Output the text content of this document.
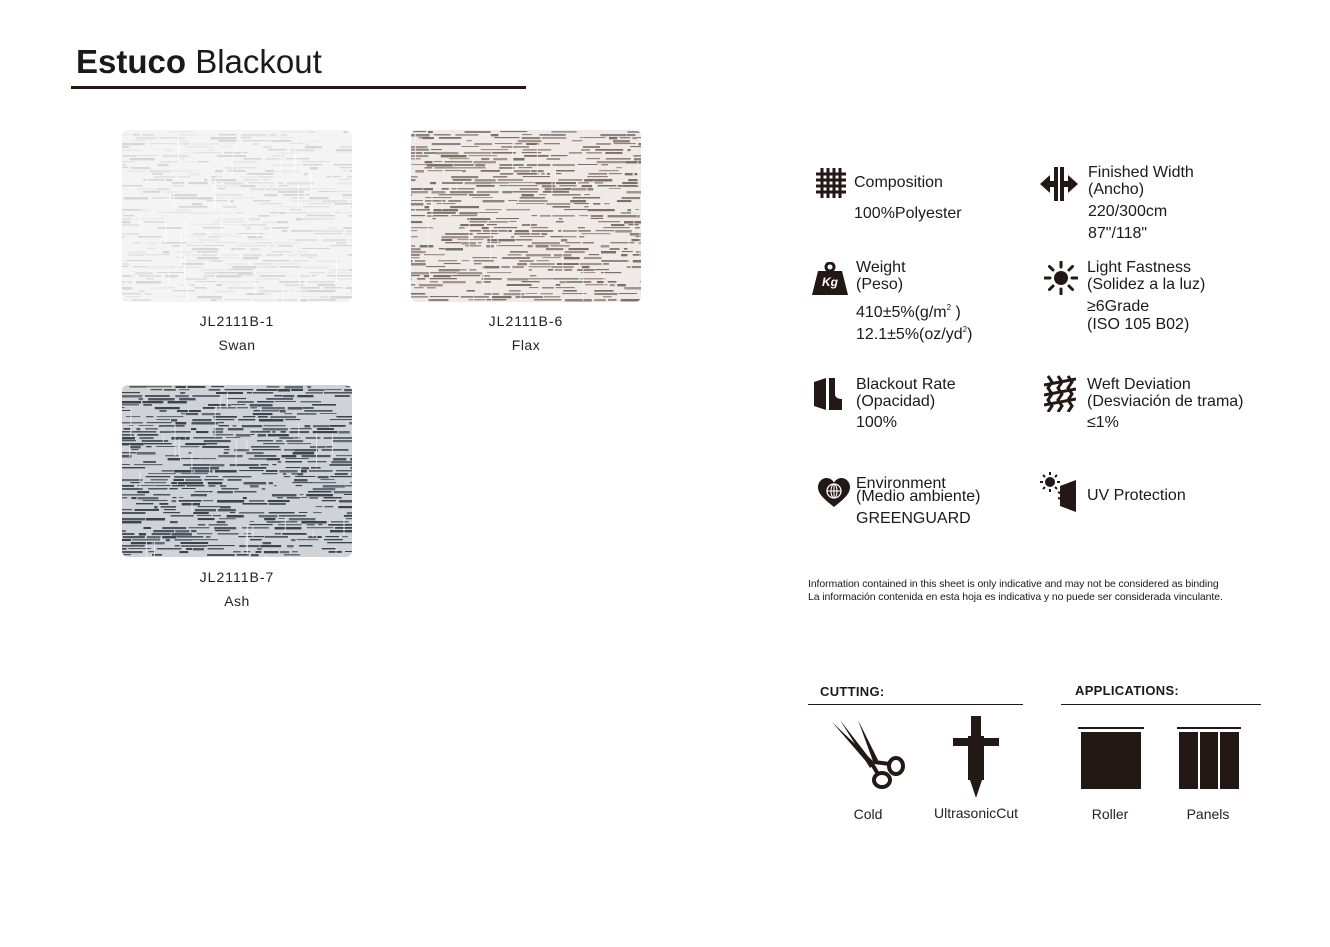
Estuco Blackout
JL2111B-1
Swan
JL2111B-6
Flax
JL2111B-7
Ash
Composition
100%Polyester
Finished Width
(Ancho)
220/300cm
87"/118"
Kg
Weight
(Peso)
$410\pm 5\%(g/m^2$ )
$12.1\pm 5\%(oz/yd^2)$
Light Fastness
(Solidez a la luz)
≥6Grade
(ISO 105 B02)
Blackout Rate
(Opacidad)
100%
Weft Deviation
(Desviación de trama)
≤1%
Environment
(Medio ambiente)
GREENGUARD
UV Protection
Information contained in this sheet is only indicative and may not be considered as binding
La información contenida en esta hoja es indicativa y no puede ser considerada vinculante.
CUTTING:
Cold	UltrasonicCut
APPLICATIONS:
Roller	Panels
